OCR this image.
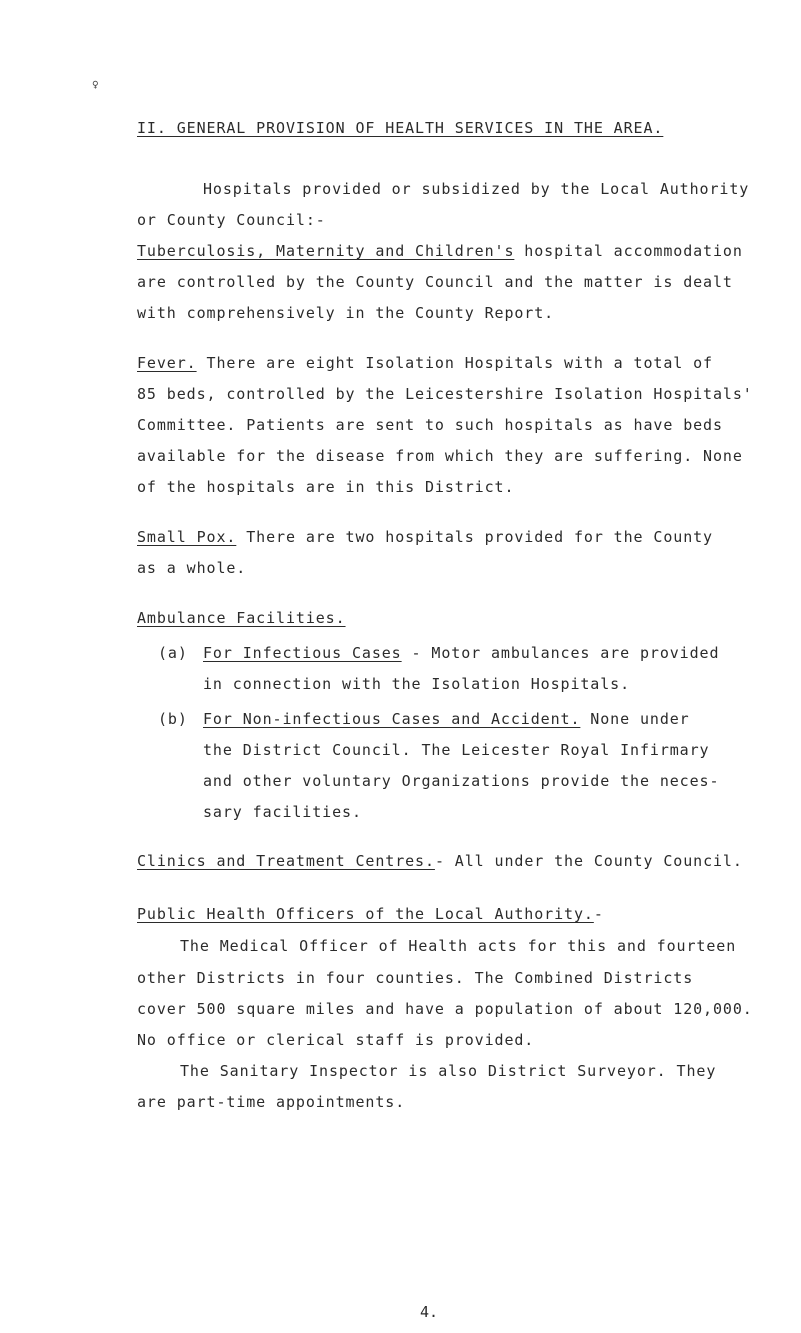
♀
II. GENERAL PROVISION OF HEALTH SERVICES IN THE AREA.
Hospitals provided or subsidized by the Local Authority
or County Council:-
Tuberculosis, Maternity and Children's hospital accommodation
are controlled by the County Council and the matter is dealt
with comprehensively in the County Report.
Fever. There are eight Isolation Hospitals with a total of
85 beds, controlled by the Leicestershire Isolation Hospitals'
Committee. Patients are sent to such hospitals as have beds
available for the disease from which they are suffering. None
of the hospitals are in this District.
Small Pox. There are two hospitals provided for the County
as a whole.
Ambulance Facilities.
(a) For Infectious Cases - Motor ambulances are provided
in connection with the Isolation Hospitals.
(b) For Non-infectious Cases and Accident. None under
the District Council. The Leicester Royal Infirmary
and other voluntary Organizations provide the neces-
sary facilities.
Clinics and Treatment Centres.- All under the County Council.
Public Health Officers of the Local Authority.-
The Medical Officer of Health acts for this and fourteen
other Districts in four counties. The Combined Districts
cover 500 square miles and have a population of about 120,000.
No office or clerical staff is provided.
The Sanitary Inspector is also District Surveyor. They
are part-time appointments.
4.
